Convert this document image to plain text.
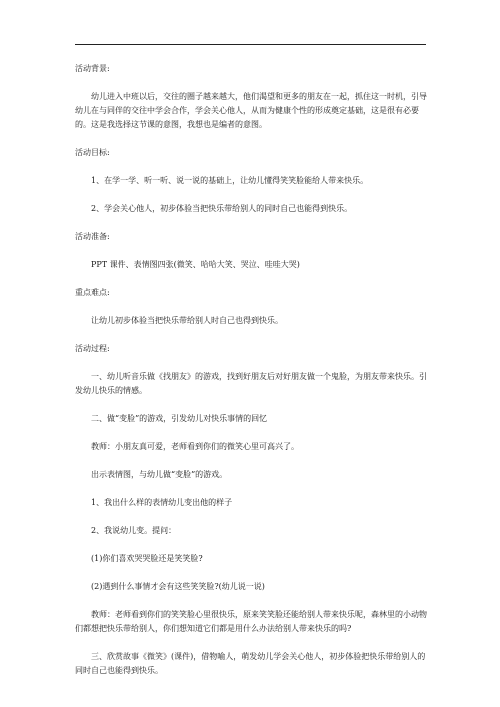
活动背景:
幼儿进入中班以后，交往的圈子越来越大，他们渴望和更多的朋友在一起，抓住这一时机，引导幼儿在与同伴的交往中学会合作，学会关心他人，从而为健康个性的形成奠定基础，这是很有必要的。这是我选择这节课的意图，我想也是编者的意图。
活动目标:
1、在学一学、听一听、说一说的基础上，让幼儿懂得笑笑脸能给人带来快乐。
2、学会关心他人，初步体验当把快乐带给别人的同时自己也能得到快乐。
活动准备:
PPT 课件、表情图四张(微笑、哈哈大笑、哭泣、哇哇大哭)
重点难点:
让幼儿初步体验当把快乐带给别人时自己也得到快乐。
活动过程:
一、幼儿听音乐做《找朋友》的游戏，找到好朋友后对好朋友做一个鬼脸，为朋友带来快乐。引发幼儿快乐的情感。
二、做“变脸”的游戏，引发幼儿对快乐事情的回忆
教师：小朋友真可爱，老师看到你们的微笑心里可高兴了。
出示表情图，与幼儿做“变脸”的游戏。
1、我出什么样的表情幼儿变出他的样子
2、我说幼儿变。提问：
(1)你们喜欢哭哭脸还是笑笑脸?
(2)遇到什么事情才会有这些笑笑脸?(幼儿说一说)
教师：老师看到你们的笑笑脸心里很快乐，原来笑笑脸还能给别人带来快乐呢，森林里的小动物们都想把快乐带给别人，你们想知道它们都是用什么办法给别人带来快乐的吗?
三、欣赏故事《微笑》(课件)，借物喻人，萌发幼儿学会关心他人，初步体验把快乐带给别人的同时自己也能得到快乐。
